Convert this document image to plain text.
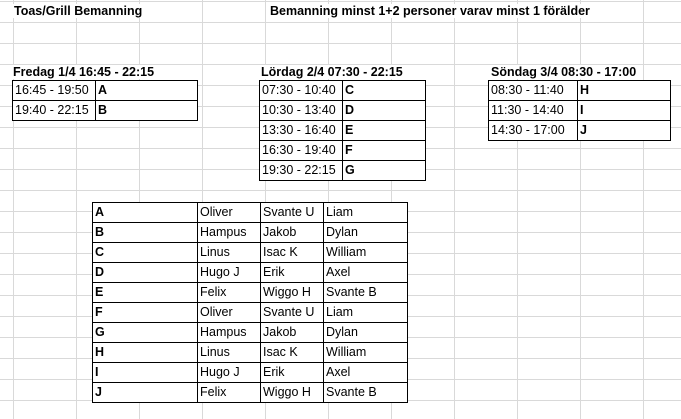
Toas/Grill Bemanning	Bemanning minst 1+2 personer varav minst 1 förälder
Fredag 1/4 16:45 - 22:15	Lördag 2/4 07:30 - 22:15	Söndag 3/4 08:30 - 17:00
16:45 - 19:50	A
19:40 - 22:15	B
07:30 - 10:40	C
10:30 - 13:40	D
13:30 - 16:40	E
16:30 - 19:40	F
19:30 - 22:15	G
08:30 - 11:40	H
11:30 - 14:40	I
14:30 - 17:00	J
A	Oliver	Svante U	Liam
B	Hampus	Jakob	Dylan
C	Linus	Isac K	William
D	Hugo J	Erik	Axel
E	Felix	Wiggo H	Svante B
F	Oliver	Svante U	Liam
G	Hampus	Jakob	Dylan
H	Linus	Isac K	William
I	Hugo J	Erik	Axel
J	Felix	Wiggo H	Svante B
